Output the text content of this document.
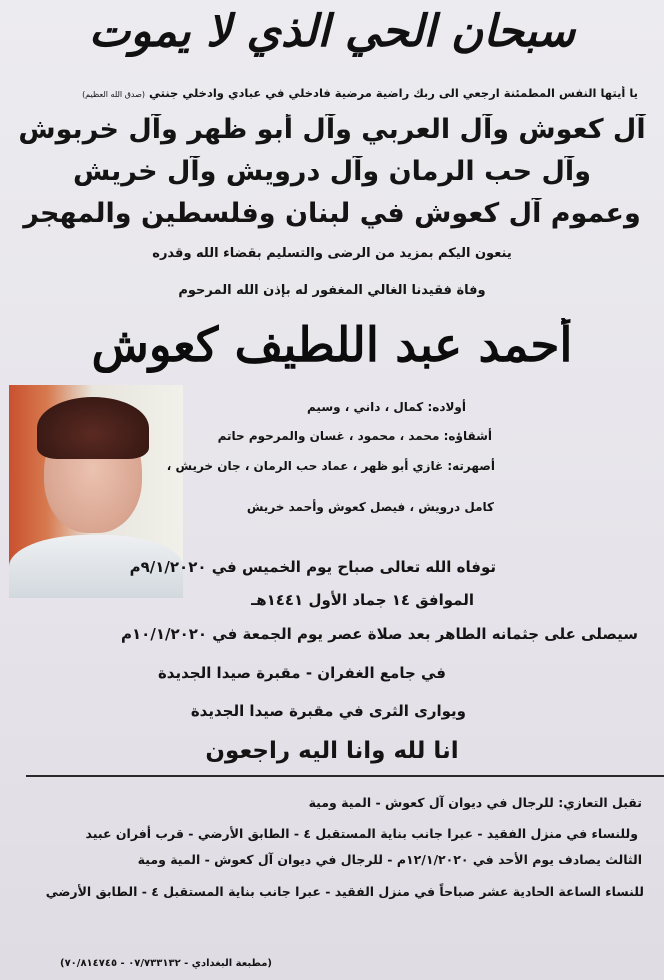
سبحان الحي الذي لا يموت
يا أيتها النفس المطمئنة ارجعي الى ربك راضية مرضية فادخلي في عبادي وادخلي جنتي (صدق الله العظيم)
آل كعوش وآل العربي وآل أبو ظهر وآل خربوش
وآل حب الرمان وآل درويش وآل خريش
وعموم آل كعوش في لبنان وفلسطين والمهجر
ينعون اليكم بمزيد من الرضى والتسليم بقضاء الله وقدره
وفاة فقيدنا الغالي المغفور له بإذن الله المرحوم
أحمد عبد اللطيف كعوش
أولاده: كمال ، داني ، وسيم
أشقاؤه: محمد ، محمود ، غسان والمرحوم حاتم
أصهرته: غازي أبو ظهر ، عماد حب الرمان ، جان خريش ،
كامل درويش ، فيصل كعوش وأحمد خريش
توفاه الله تعالى صباح يوم الخميس في ٩/١/٢٠٢٠م
الموافق ١٤ جماد الأول ١٤٤١هـ
سيصلى على جثمانه الطاهر بعد صلاة عصر يوم الجمعة في ١٠/١/٢٠٢٠م
في جامع الغفران - مقبرة صيدا الجديدة
ويوارى الثرى في مقبرة صيدا الجديدة
انا لله وانا اليه راجعون
تقبل التعازي: للرجال في ديوان آل كعوش - المية ومية
وللنساء في منزل الفقيد - عبرا جانب بناية المستقبل ٤ - الطابق الأرضي - قرب أفران عبيد
الثالث يصادف يوم الأحد في ١٢/١/٢٠٢٠م - للرجال في ديوان آل كعوش - المية ومية
للنساء الساعة الحادية عشر صباحاً في منزل الفقيد - عبرا جانب بناية المستقبل ٤ - الطابق الأرضي
(مطبعة البغدادي - ٠٧/٧٣٣١٣٢ - ٧٠/٨١٤٧٤٥)
